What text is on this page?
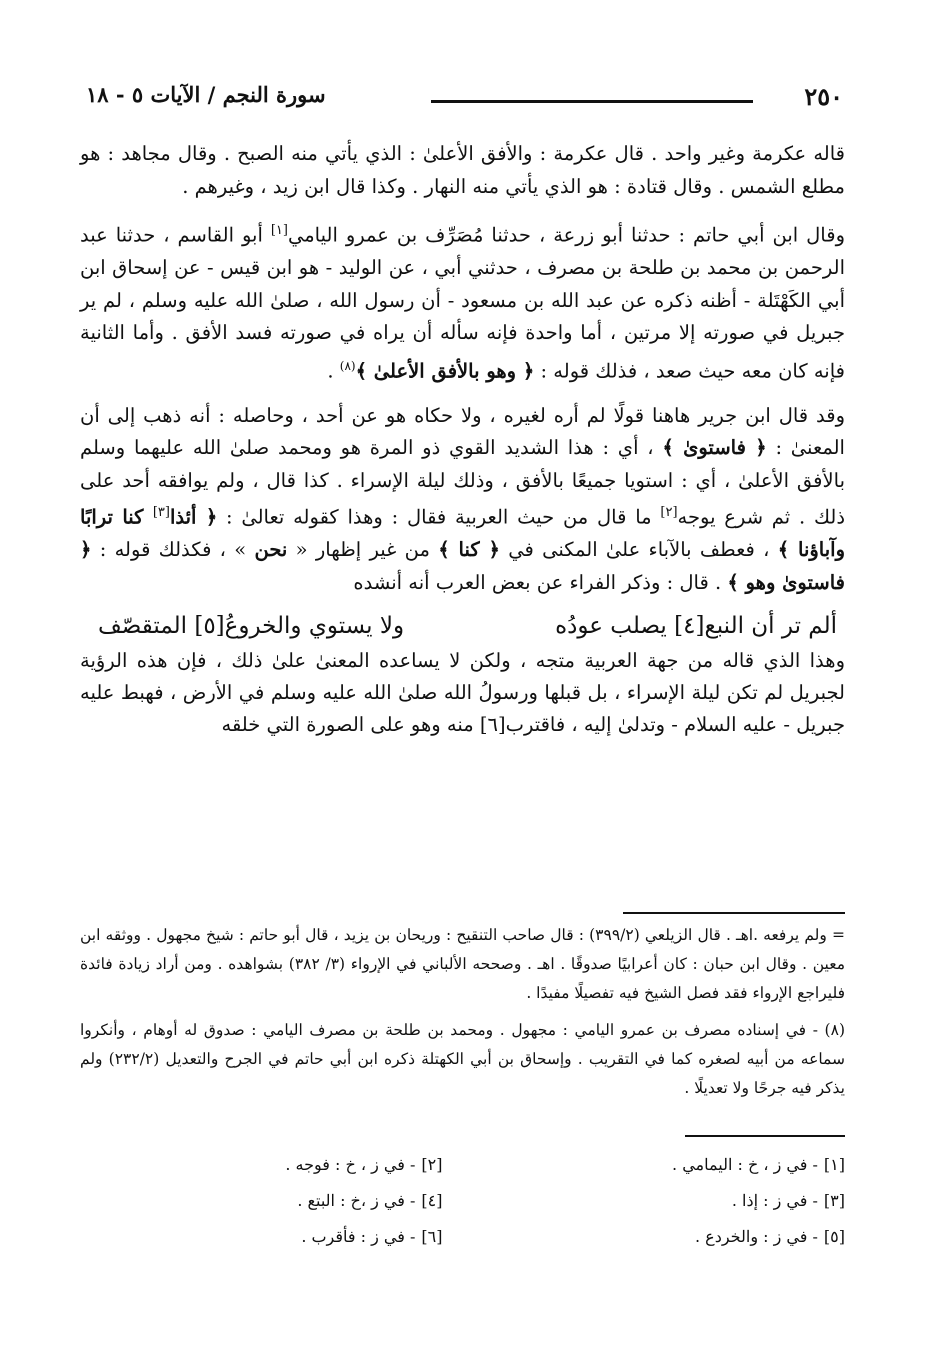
٢٥٠
سورة النجم / الآيات ٥ - ١٨

قاله عكرمة وغير واحد . قال عكرمة : والأفق الأعلىٰ : الذي يأتي منه الصبح . وقال مجاهد : هو مطلع الشمس . وقال قتادة : هو الذي يأتي منه النهار . وكذا قال ابن زيد ، وغيرهم .

وقال ابن أبي حاتم : حدثنا أبو زرعة ، حدثنا مُصَرِّف بن عمرو اليامي[١] أبو القاسم ، حدثنا عبد الرحمن بن محمد بن طلحة بن مصرف ، حدثني أبي ، عن الوليد - هو ابن قيس - عن إسحاق ابن أبي الكَهْتَلة - أظنه ذكره عن عبد الله بن مسعود - أن رسول الله ، صلىٰ الله عليه وسلم ، لم ير جبريل في صورته إلا مرتين ، أما واحدة فإنه سأله أن يراه في صورته فسد الأفق . وأما الثانية فإنه كان معه حيث صعد ، فذلك قوله : ﴿ وهو بالأفق الأعلىٰ ﴾$^{(٨)}$ .

وقد قال ابن جرير هاهنا قولًا لم أره لغيره ، ولا حكاه هو عن أحد ، وحاصله : أنه ذهب إلى أن المعنىٰ : ﴿ فاستوىٰ ﴾ ، أي : هذا الشديد القوي ذو المرة هو ومحمد صلىٰ الله عليهما وسلم بالأفق الأعلىٰ ، أي : استويا جميعًا بالأفق ، وذلك ليلة الإسراء . كذا قال ، ولم يوافقه أحد على ذلك . ثم شرع يوجه[٢] ما قال من حيث العربية فقال : وهذا كقوله تعالىٰ : ﴿ أئذا[٣] كنا ترابًا وآباؤنا ﴾ ، فعطف بالآباء علىٰ المكنى في ﴿ كنا ﴾ من غير إظهار « نحن » ، فكذلك قوله : ﴿ فاستوىٰ وهو ﴾ . قال : وذكر الفراء عن بعض العرب أنه أنشده

ألم تر أن النبع[٤] يصلب عودُه
ولا يستوي والخروعُ[٥] المتقصّف

وهذا الذي قاله من جهة العربية متجه ، ولكن لا يساعده المعنىٰ علىٰ ذلك ، فإن هذه الرؤية لجبريل لم تكن ليلة الإسراء ، بل قبلها ورسولُ الله صلىٰ الله عليه وسلم في الأرض ، فهبط عليه جبريل - عليه السلام - وتدلىٰ إليه ، فاقترب[٦] منه وهو على الصورة التي خلقه

= ولم يرفعه .اهـ . قال الزيلعي (٣٩٩/٢) : قال صاحب التنقيح : وريحان بن يزيد ، قال أبو حاتم : شيخ مجهول . ووثقه ابن معين . وقال ابن حبان : كان أعرابيًا صدوقًا . اهـ . وصححه الألباني في الإرواء (٣/ ٣٨٢) بشواهده . ومن أراد زيادة فائدة فليراجع الإرواء فقد فصل الشيخ فيه تفصيلًا مفيدًا .

(٨) - في إسناده مصرف بن عمرو اليامي : مجهول . ومحمد بن طلحة بن مصرف اليامي : صدوق له أوهام ، وأنكروا سماعه من أبيه لصغره كما في التقريب . وإسحاق بن أبي الكهتلة ذكره ابن أبي حاتم في الجرح والتعديل (٢٣٢/٢) ولم يذكر فيه جرحًا ولا تعديلًا .

[١]- في ز ، خ : اليمامي .
[٢]- في ز ، خ : فوجه .
[٣]- في ز : إذا .
[٤]- في ز ،خ : البتع .
[٥]- في ز : والخردع .
[٦]- في ز : فأقرب .
